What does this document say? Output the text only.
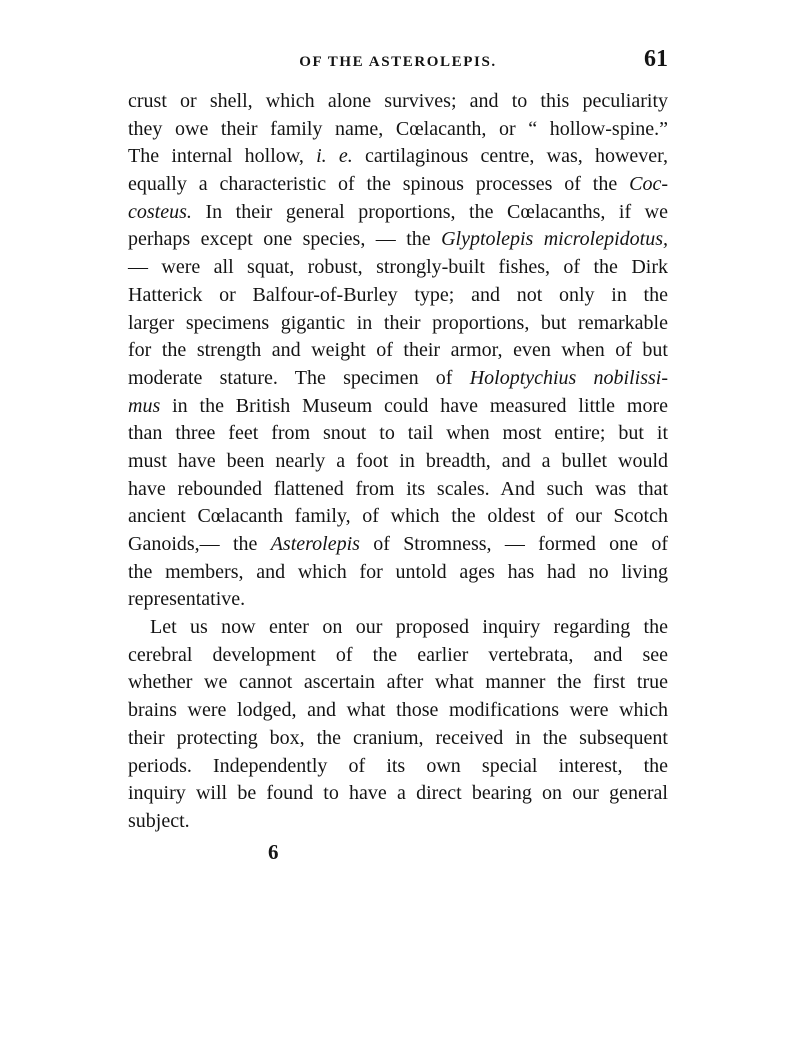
OF THE ASTEROLEPIS.	61
crust or shell, which alone survives; and to this peculiarity
they owe their family name, Cœlacanth, or “ hollow-spine.”
The internal hollow, i. e. cartilaginous centre, was, however,
equally a characteristic of the spinous processes of the Coc-
costeus. In their general proportions, the Cœlacanths, if we
perhaps except one species, — the Glyptolepis microlepidotus,
— were all squat, robust, strongly-built fishes, of the Dirk
Hatterick or Balfour-of-Burley type; and not only in the
larger specimens gigantic in their proportions, but remarkable
for the strength and weight of their armor, even when of but
moderate stature. The specimen of Holoptychius nobilissi-
mus in the British Museum could have measured little more
than three feet from snout to tail when most entire; but it
must have been nearly a foot in breadth, and a bullet would
have rebounded flattened from its scales. And such was that
ancient Cœlacanth family, of which the oldest of our Scotch
Ganoids,— the Asterolepis of Stromness, — formed one of
the members, and which for untold ages has had no living
representative.
Let us now enter on our proposed inquiry regarding the
cerebral development of the earlier vertebrata, and see
whether we cannot ascertain after what manner the first true
brains were lodged, and what those modifications were which
their protecting box, the cranium, received in the subsequent
periods. Independently of its own special interest, the
inquiry will be found to have a direct bearing on our general
subject.
6
